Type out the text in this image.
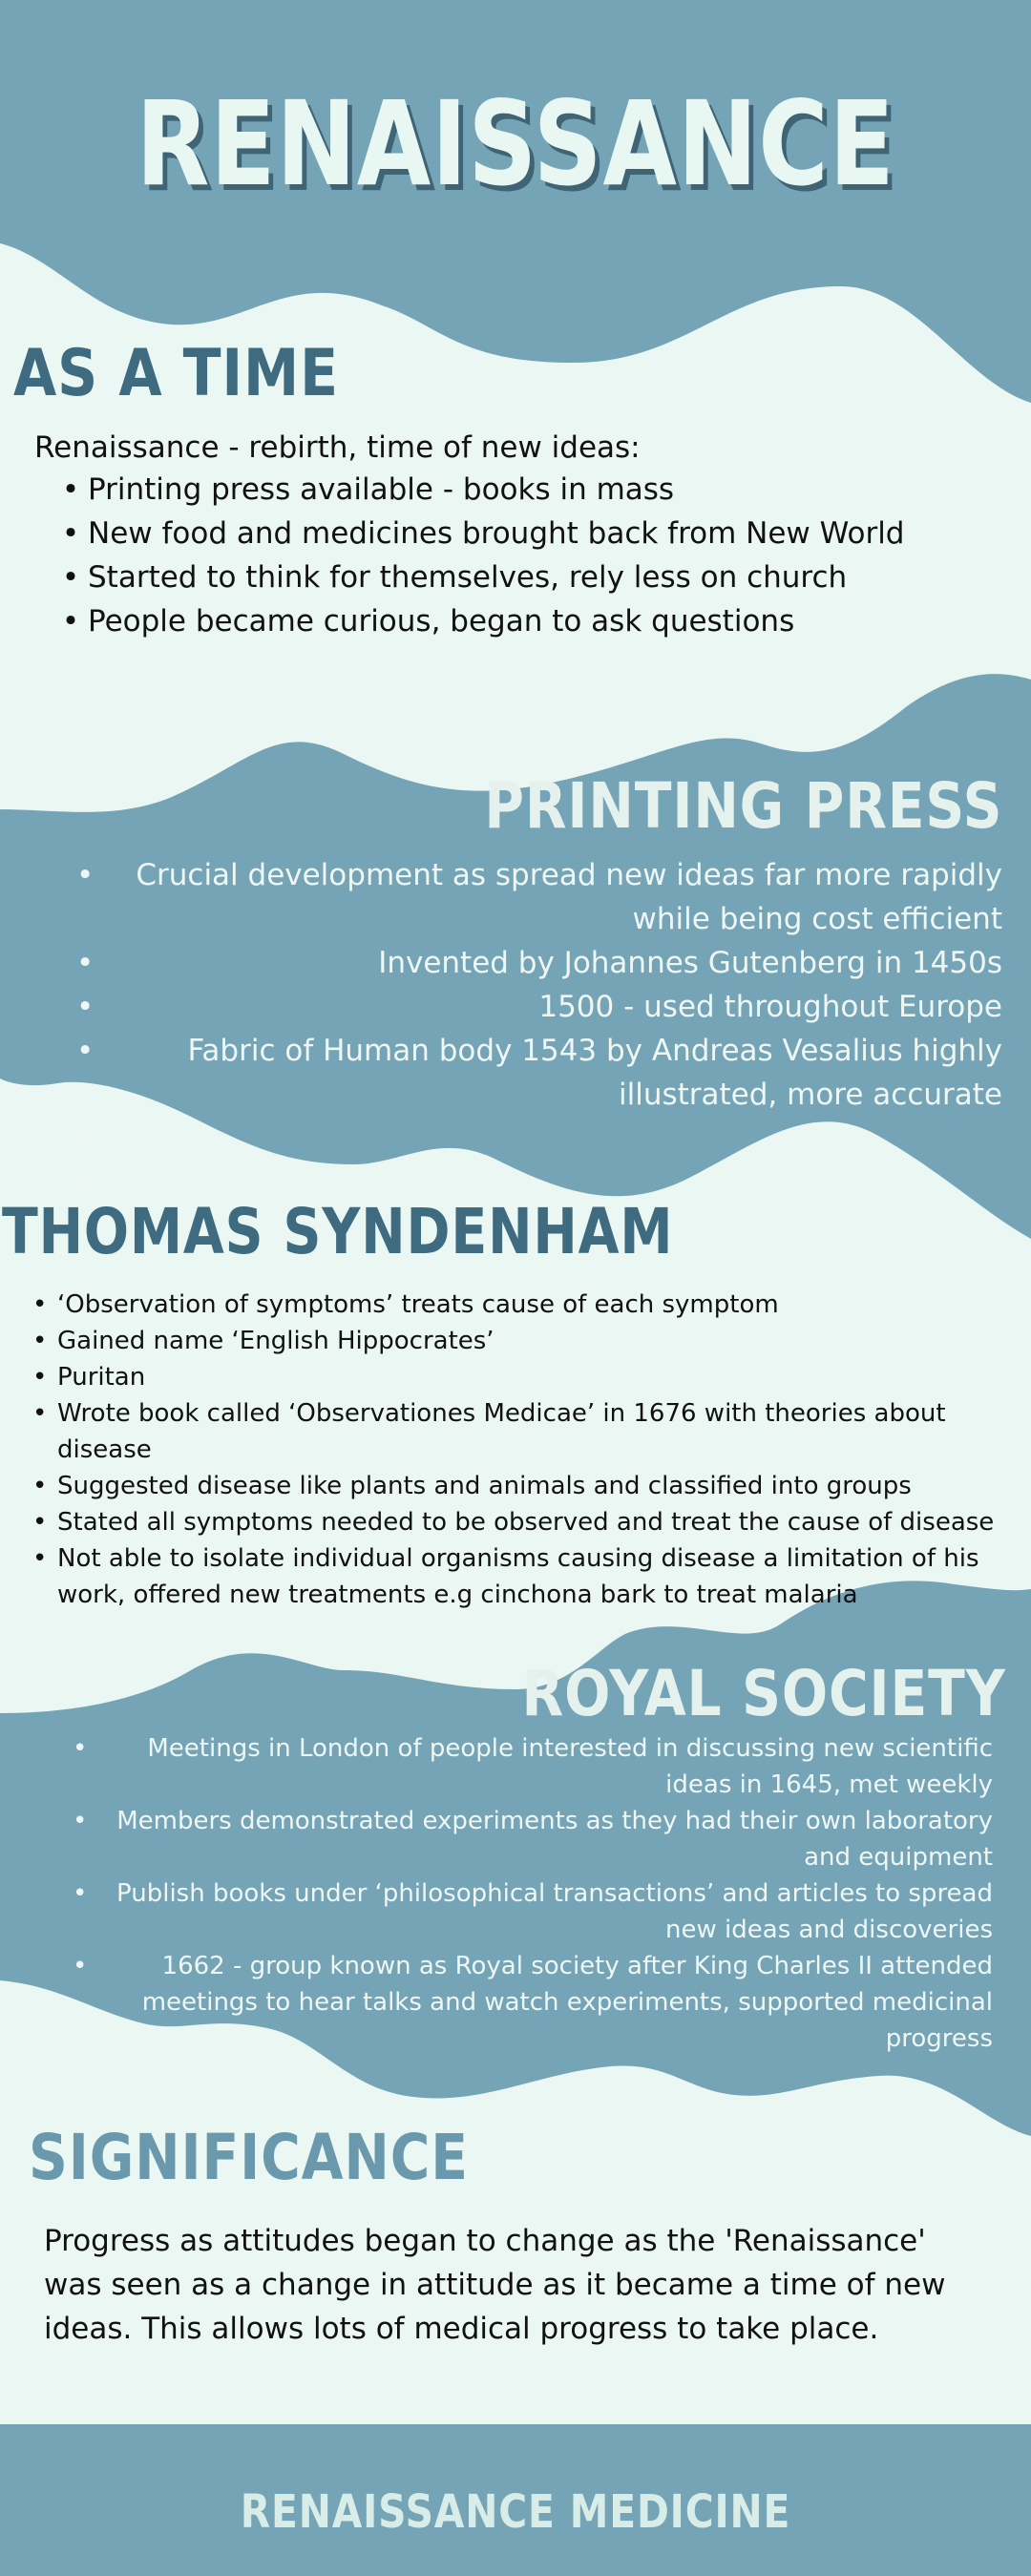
RENAISSANCE
AS A TIME

Renaissance - rebirth, time of new ideas:

• Printing press available - books in mass
• New food and medicines brought back from New World
• Started to think for themselves, rely less on church
• People became curious, began to ask questions
PRINTING PRESS
• Crucial development as spread new ideas far more rapidly while being cost efficient
• Invented by Johannes Gutenberg in 1450s
• 1500 - used throughout Europe
• Fabric of Human body 1543 by Andreas Vesalius highly illustrated, more accurate
THOMAS SYNDENHAM
• ‘Observation of symptoms’ treats cause of each symptom
• Gained name ‘English Hippocrates’
• Puritan
• Wrote book called ‘Observationes Medicae’ in 1676 with theories about disease
• Suggested disease like plants and animals and classified into groups
• Stated all symptoms needed to be observed and treat the cause of disease
• Not able to isolate individual organisms causing disease a limitation of his work, offered new treatments e.g cinchona bark to treat malaria
ROYAL SOCIETY
• Meetings in London of people interested in discussing new scientific ideas in 1645, met weekly
• Members demonstrated experiments as they had their own laboratory and equipment
• Publish books under ‘philosophical transactions’ and articles to spread new ideas and discoveries
• 1662 - group known as Royal society after King Charles II attended meetings to hear talks and watch experiments, supported medicinal progress
SIGNIFICANCE

Progress as attitudes began to change as the 'Renaissance' was seen as a change in attitude as it became a time of new ideas. This allows lots of medical progress to take place.

RENAISSANCE MEDICINE
